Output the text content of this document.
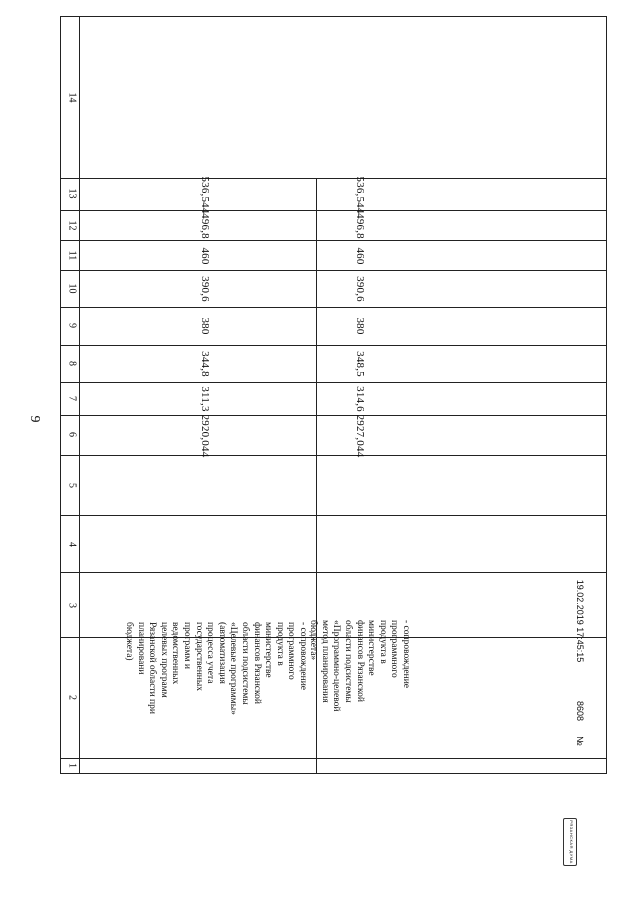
9
1
2
3
4
5
6
7
8
9
10
11
12
13
14
- сопровождение
программного
продукта в
министерстве
финансов Рязанской
области подсистемы
«Целевые программы»
(автоматизация
процесса учета
государственных
программ и
ведомственных
целевых программ
Рязанской области при
планировани
бюджета)
2920,044
311,3
344,8
380
390,6
460
496,8
536,544
- сопровождение
программного
продукта в
министерстве
финансов Рязанской
области подсистемы
«Программно-целевой
метод планирования
бюджета»
2927,044
314,6
348,5
380
390,6
460
496,8
536,544
РЯЗАНСКАЯ ДУМА
№
8608
19.02.2019 17:45:15
